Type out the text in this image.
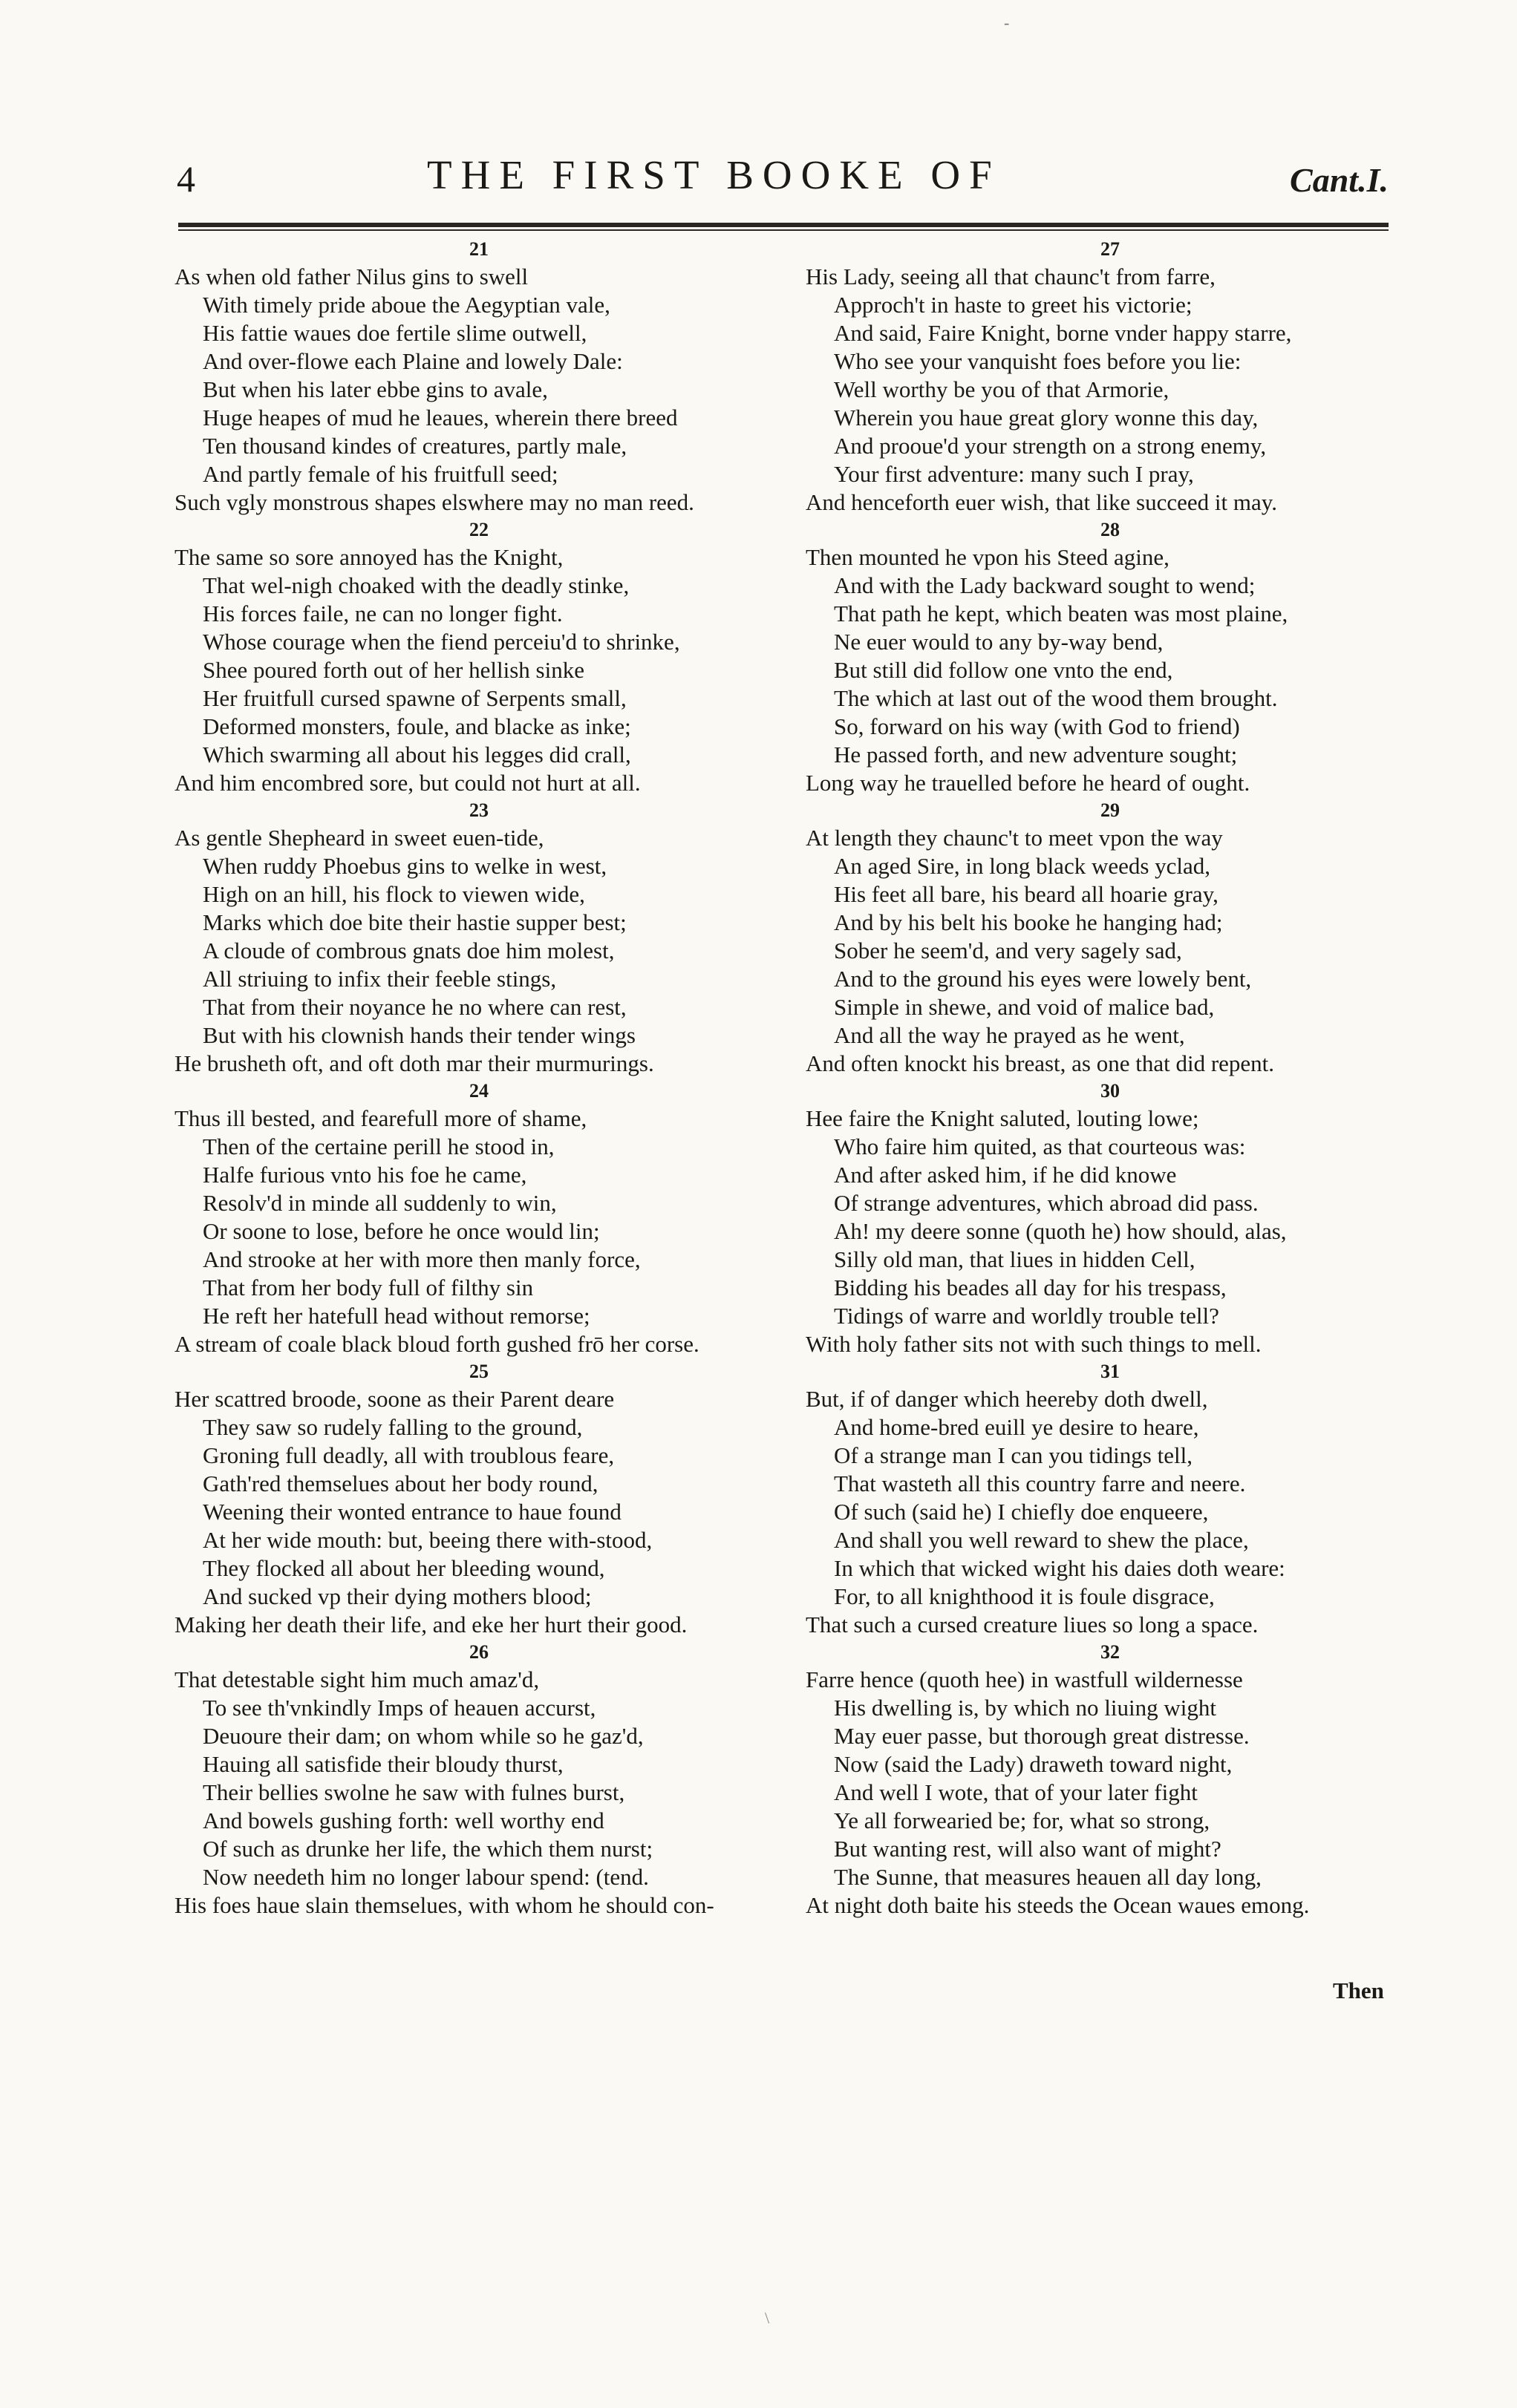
-
4	THE FIRST BOOKE OF	Cant.I.
21
As when old father Nilus gins to swell
With timely pride aboue the Aegyptian vale,
His fattie waues doe fertile slime outwell,
And over-flowe each Plaine and lowely Dale:
But when his later ebbe gins to avale,
Huge heapes of mud he leaues, wherein there breed
Ten thousand kindes of creatures, partly male,
And partly female of his fruitfull seed;
Such vgly monstrous shapes elswhere may no man reed.
22
The same so sore annoyed has the Knight,
That wel-nigh choaked with the deadly stinke,
His forces faile, ne can no longer fight.
Whose courage when the fiend perceiu'd to shrinke,
Shee poured forth out of her hellish sinke
Her fruitfull cursed spawne of Serpents small,
Deformed monsters, foule, and blacke as inke;
Which swarming all about his legges did crall,
And him encombred sore, but could not hurt at all.
23
As gentle Shepheard in sweet euen-tide,
When ruddy Phoebus gins to welke in west,
High on an hill, his flock to viewen wide,
Marks which doe bite their hastie supper best;
A cloude of combrous gnats doe him molest,
All striuing to infix their feeble stings,
That from their noyance he no where can rest,
But with his clownish hands their tender wings
He brusheth oft, and oft doth mar their murmurings.
24
Thus ill bested, and fearefull more of shame,
Then of the certaine perill he stood in,
Halfe furious vnto his foe he came,
Resolv'd in minde all suddenly to win,
Or soone to lose, before he once would lin;
And strooke at her with more then manly force,
That from her body full of filthy sin
He reft her hatefull head without remorse;
A stream of coale black bloud forth gushed frō her corse.
25
Her scattred broode, soone as their Parent deare
They saw so rudely falling to the ground,
Groning full deadly, all with troublous feare,
Gath'red themselues about her body round,
Weening their wonted entrance to haue found
At her wide mouth: but, beeing there with-stood,
They flocked all about her bleeding wound,
And sucked vp their dying mothers blood;
Making her death their life, and eke her hurt their good.
26
That detestable sight him much amaz'd,
To see th'vnkindly Imps of heauen accurst,
Deuoure their dam; on whom while so he gaz'd,
Hauing all satisfide their bloudy thurst,
Their bellies swolne he saw with fulnes burst,
And bowels gushing forth: well worthy end
Of such as drunke her life, the which them nurst;
Now needeth him no longer labour spend: (tend.
His foes haue slain themselues, with whom he should con-
27
His Lady, seeing all that chaunc't from farre,
Approch't in haste to greet his victorie;
And said, Faire Knight, borne vnder happy starre,
Who see your vanquisht foes before you lie:
Well worthy be you of that Armorie,
Wherein you haue great glory wonne this day,
And prooue'd your strength on a strong enemy,
Your first adventure: many such I pray,
And henceforth euer wish, that like succeed it may.
28
Then mounted he vpon his Steed agine,
And with the Lady backward sought to wend;
That path he kept, which beaten was most plaine,
Ne euer would to any by-way bend,
But still did follow one vnto the end,
The which at last out of the wood them brought.
So, forward on his way (with God to friend)
He passed forth, and new adventure sought;
Long way he trauelled before he heard of ought.
29
At length they chaunc't to meet vpon the way
An aged Sire, in long black weeds yclad,
His feet all bare, his beard all hoarie gray,
And by his belt his booke he hanging had;
Sober he seem'd, and very sagely sad,
And to the ground his eyes were lowely bent,
Simple in shewe, and void of malice bad,
And all the way he prayed as he went,
And often knockt his breast, as one that did repent.
30
Hee faire the Knight saluted, louting lowe;
Who faire him quited, as that courteous was:
And after asked him, if he did knowe
Of strange adventures, which abroad did pass.
Ah! my deere sonne (quoth he) how should, alas,
Silly old man, that liues in hidden Cell,
Bidding his beades all day for his trespass,
Tidings of warre and worldly trouble tell?
With holy father sits not with such things to mell.
31
But, if of danger which heereby doth dwell,
And home-bred euill ye desire to heare,
Of a strange man I can you tidings tell,
That wasteth all this country farre and neere.
Of such (said he) I chiefly doe enqueere,
And shall you well reward to shew the place,
In which that wicked wight his daies doth weare:
For, to all knighthood it is foule disgrace,
That such a cursed creature liues so long a space.
32
Farre hence (quoth hee) in wastfull wildernesse
His dwelling is, by which no liuing wight
May euer passe, but thorough great distresse.
Now (said the Lady) draweth toward night,
And well I wote, that of your later fight
Ye all forwearied be; for, what so strong,
But wanting rest, will also want of might?
The Sunne, that measures heauen all day long,
At night doth baite his steeds the Ocean waues emong.
Then
\
